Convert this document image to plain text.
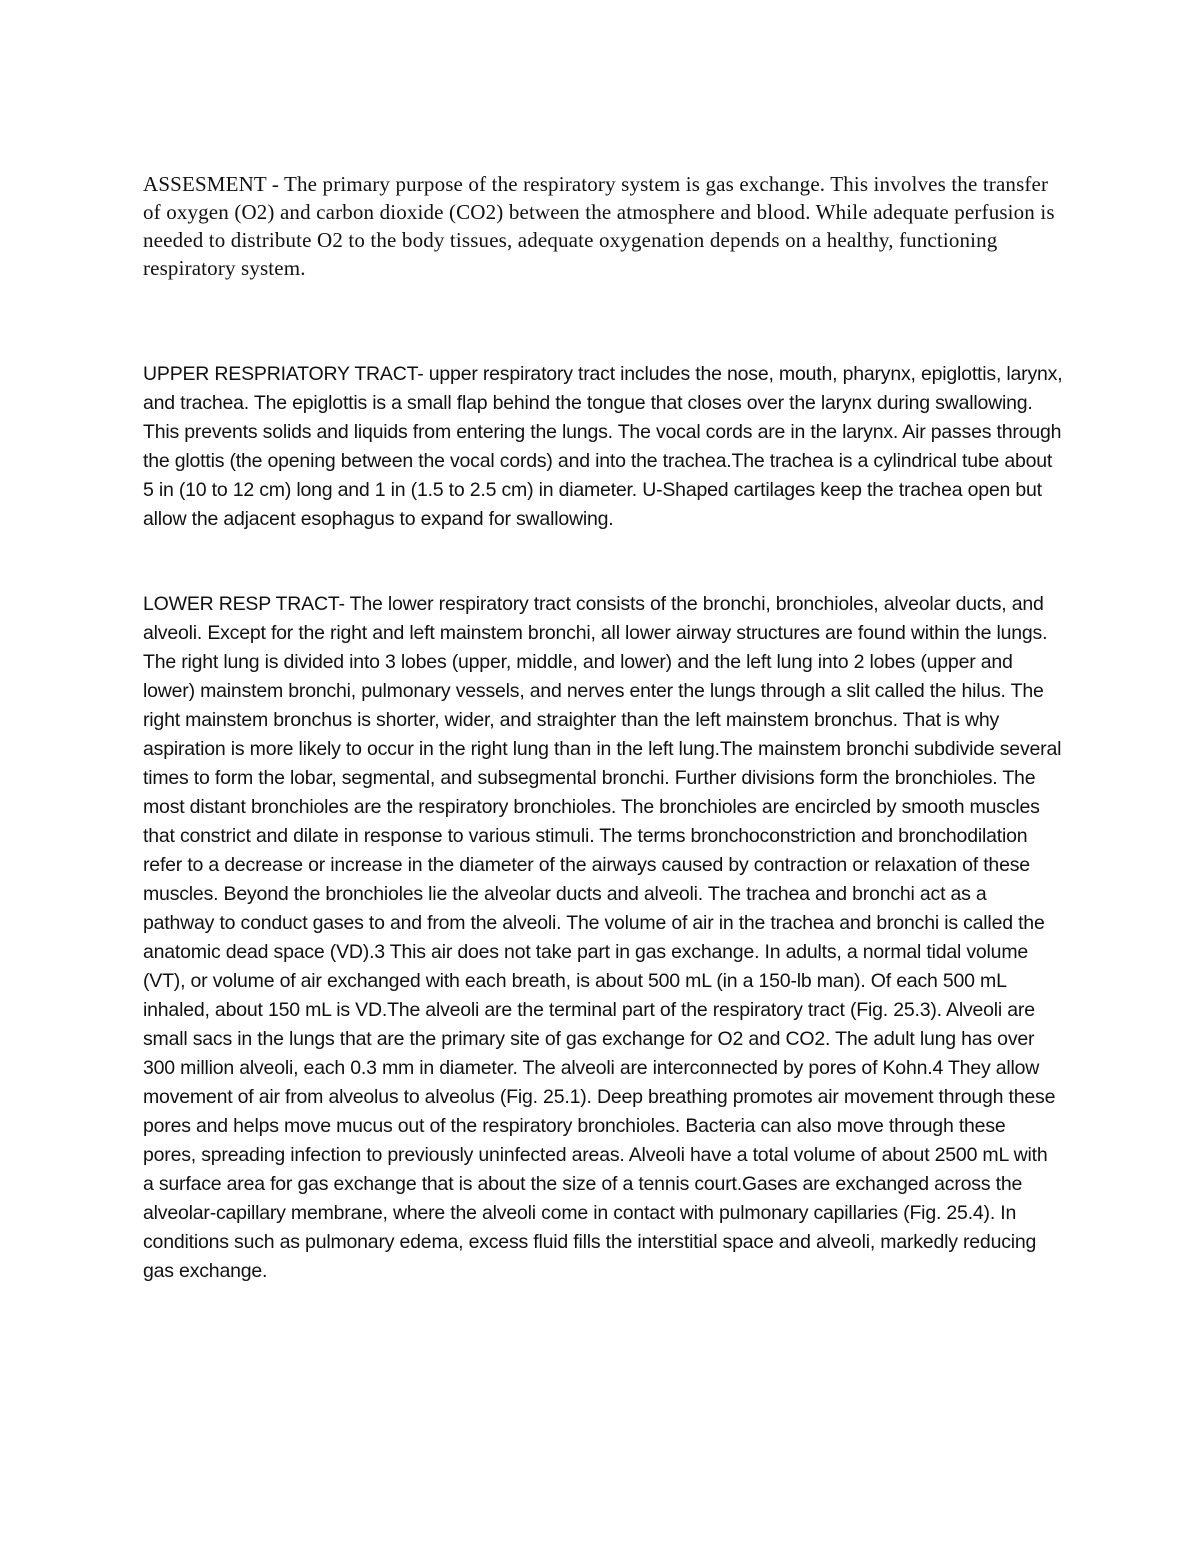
ASSESMENT - The primary purpose of the respiratory system is gas exchange. This involves the transfer of oxygen (O2) and carbon dioxide (CO2) between the atmosphere and blood. While adequate perfusion is needed to distribute O2 to the body tissues, adequate oxygenation depends on a healthy, functioning respiratory system.

UPPER RESPRIATORY TRACT- upper respiratory tract includes the nose, mouth, pharynx, epiglottis, larynx, and trachea. The epiglottis is a small flap behind the tongue that closes over the larynx during swallowing. This prevents solids and liquids from entering the lungs. The vocal cords are in the larynx. Air passes through the glottis (the opening between the vocal cords) and into the trachea.The trachea is a cylindrical tube about 5 in (10 to 12 cm) long and 1 in (1.5 to 2.5 cm) in diameter. U-Shaped cartilages keep the trachea open but allow the adjacent esophagus to expand for swallowing.

LOWER RESP TRACT- The lower respiratory tract consists of the bronchi, bronchioles, alveolar ducts, and alveoli. Except for the right and left mainstem bronchi, all lower airway structures are found within the lungs. The right lung is divided into 3 lobes (upper, middle, and lower) and the left lung into 2 lobes (upper and lower) mainstem bronchi, pulmonary vessels, and nerves enter the lungs through a slit called the hilus. The right mainstem bronchus is shorter, wider, and straighter than the left mainstem bronchus. That is why aspiration is more likely to occur in the right lung than in the left lung.The mainstem bronchi subdivide several times to form the lobar, segmental, and subsegmental bronchi. Further divisions form the bronchioles. The most distant bronchioles are the respiratory bronchioles. The bronchioles are encircled by smooth muscles that constrict and dilate in response to various stimuli. The terms bronchoconstriction and bronchodilation refer to a decrease or increase in the diameter of the airways caused by contraction or relaxation of these muscles. Beyond the bronchioles lie the alveolar ducts and alveoli. The trachea and bronchi act as a pathway to conduct gases to and from the alveoli. The volume of air in the trachea and bronchi is called the anatomic dead space (VD).3 This air does not take part in gas exchange. In adults, a normal tidal volume (VT), or volume of air exchanged with each breath, is about 500 mL (in a 150-lb man). Of each 500 mL inhaled, about 150 mL is VD.The alveoli are the terminal part of the respiratory tract (Fig. 25.3). Alveoli are small sacs in the lungs that are the primary site of gas exchange for O2 and CO2. The adult lung has over 300 million alveoli, each 0.3 mm in diameter. The alveoli are interconnected by pores of Kohn.4 They allow movement of air from alveolus to alveolus (Fig. 25.1). Deep breathing promotes air movement through these pores and helps move mucus out of the respiratory bronchioles. Bacteria can also move through these pores, spreading infection to previously uninfected areas. Alveoli have a total volume of about 2500 mL with a surface area for gas exchange that is about the size of a tennis court.Gases are exchanged across the alveolar-capillary membrane, where the alveoli come in contact with pulmonary capillaries (Fig. 25.4). In conditions such as pulmonary edema, excess fluid fills the interstitial space and alveoli, markedly reducing gas exchange.
